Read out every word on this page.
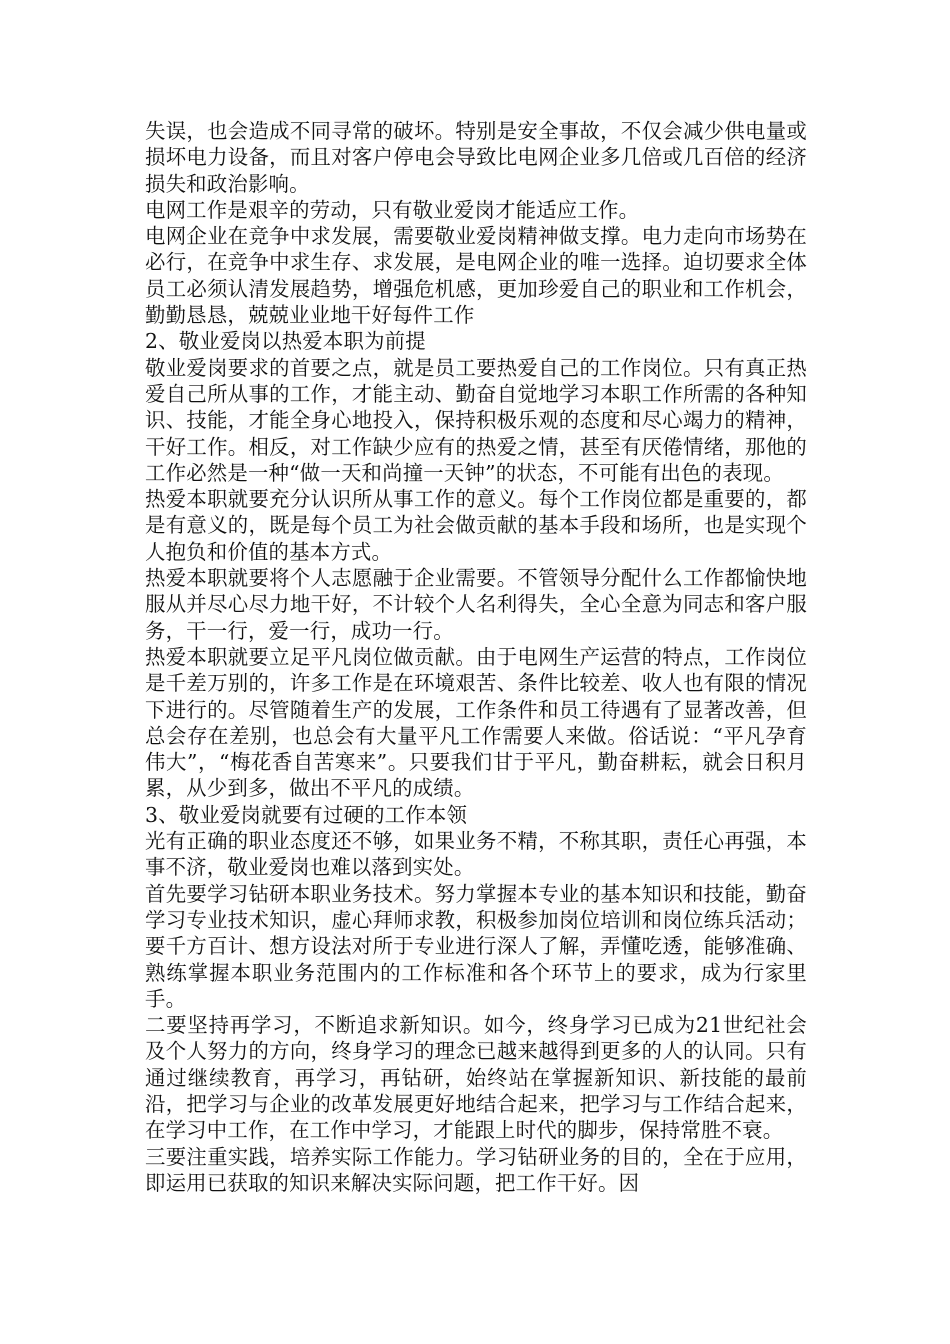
失误，也会造成不同寻常的破坏。特别是安全事故，不仅会减少供电量或损坏电力设备，而且对客户停电会导致比电网企业多几倍或几百倍的经济损失和政治影响。

电网工作是艰辛的劳动，只有敬业爱岗才能适应工作。

电网企业在竞争中求发展，需要敬业爱岗精神做支撑。电力走向市场势在必行，在竞争中求生存、求发展，是电网企业的唯一选择。迫切要求全体员工必须认清发展趋势，增强危机感，更加珍爱自己的职业和工作机会，勤勤恳恳，兢兢业业地干好每件工作

2、敬业爱岗以热爱本职为前提

敬业爱岗要求的首要之点，就是员工要热爱自己的工作岗位。只有真正热爱自己所从事的工作，才能主动、勤奋自觉地学习本职工作所需的各种知识、技能，才能全身心地投入，保持积极乐观的态度和尽心竭力的精神，干好工作。相反，对工作缺少应有的热爱之情，甚至有厌倦情绪，那他的工作必然是一种“做一天和尚撞一天钟”的状态，不可能有出色的表现。

热爱本职就要充分认识所从事工作的意义。每个工作岗位都是重要的，都是有意义的，既是每个员工为社会做贡献的基本手段和场所，也是实现个人抱负和价值的基本方式。

热爱本职就要将个人志愿融于企业需要。不管领导分配什么工作都愉快地服从并尽心尽力地干好，不计较个人名利得失，全心全意为同志和客户服务，干一行，爱一行，成功一行。

热爱本职就要立足平凡岗位做贡献。由于电网生产运营的特点，工作岗位是千差万别的，许多工作是在环境艰苦、条件比较差、收人也有限的情况下进行的。尽管随着生产的发展，工作条件和员工待遇有了显著改善，但总会存在差别，也总会有大量平凡工作需要人来做。俗话说：“平凡孕育伟大”，“梅花香自苦寒来”。只要我们甘于平凡，勤奋耕耘，就会日积月累，从少到多，做出不平凡的成绩。

3、敬业爱岗就要有过硬的工作本领

光有正确的职业态度还不够，如果业务不精，不称其职，责任心再强，本事不济，敬业爱岗也难以落到实处。

首先要学习钻研本职业务技术。努力掌握本专业的基本知识和技能，勤奋学习专业技术知识，虚心拜师求教，积极参加岗位培训和岗位练兵活动；要千方百计、想方设法对所于专业进行深人了解，弄懂吃透，能够准确、熟练掌握本职业务范围内的工作标准和各个环节上的要求，成为行家里手。

二要坚持再学习，不断追求新知识。如今，终身学习已成为21世纪社会及个人努力的方向，终身学习的理念已越来越得到更多的人的认同。只有通过继续教育，再学习，再钻研，始终站在掌握新知识、新技能的最前沿，把学习与企业的改革发展更好地结合起来，把学习与工作结合起来，在学习中工作，在工作中学习，才能跟上时代的脚步，保持常胜不衰。

三要注重实践，培养实际工作能力。学习钻研业务的目的，全在于应用，即运用已获取的知识来解决实际问题，把工作干好。因
